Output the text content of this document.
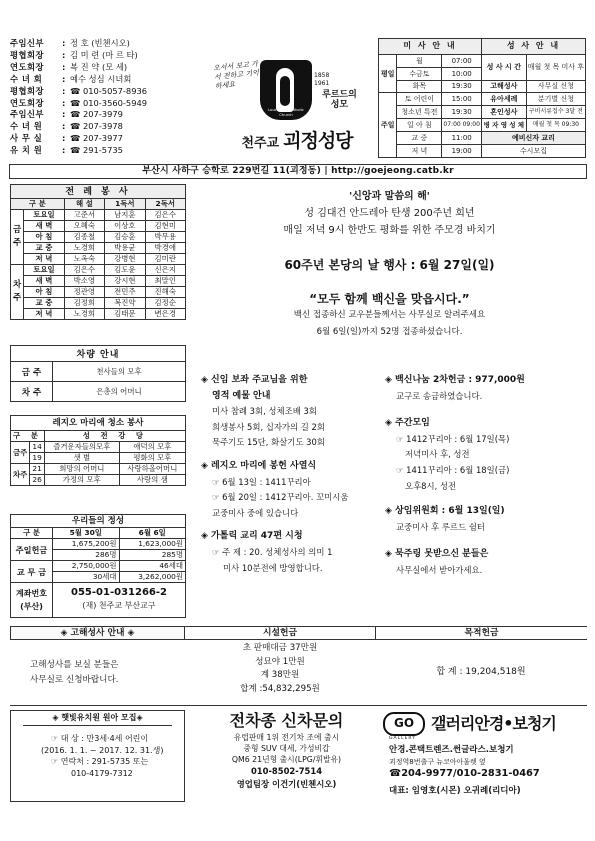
주임신부	: 정 호 (빈첸시오)
평협회장	: 김 미 련 (마 르 타)
연도회장	: 복 진 약 (모 세)
수 녀 회	: 예수 성심 시녀회
평협회장	: ☎ 010-5057-8936
연도회장	: ☎ 010-3560-5949
주임신부	: ☎ 207-3979
수 녀 원	: ☎ 207-3978
사 무 실	: ☎ 207-3977
유 치 원	: ☎ 291-5735
오셔서 보고 가서 전하고 기억하세요
Lourdes & Catholic Church
1858
1961
루르드의
성모
천주교 괴정성당
미 사 안 내			성 사 안 내	
평일	월	07:00	성 사 시 간	매월 첫 목 미사 후
	수금토	10:00		
	화목	19:30	고해성사	사무실 신청
주일	토 어린이	15:00	유아세례	분기별 신청
	청소년 특전	19:30	혼인성사	구비서류접수 3달 전
	일 아 침	07:00 09:00	병 자 영 성 체	매월 첫 목 09:30
	교 중	11:00	예비신자 교리	
	저 녁	19:00	수시모집	
부산시 사하구 승학로 229번길 11(괴정동) | http://goejeong.catb.kr
전 례 봉 사				
구 분		해 설	1독서	2독서
금주	토요일	고준서	남지훈	김은수
	새 벽	오혜숙	이상호	김현미
	아 침	김종철	김승훈	박무용
	교 중	노경희	박용균	박경애
	저 녁	노옥숙	강병현	김미란
차주	토요일	김은수	김도윤	신은지
	새 벽	박소영	강시현	최말인
	아 침	정관영	전민주	진해숙
	교 중	김정희	복진약	김정순
	저 녁	노경희	김태문	변은경
차량 안내	
금 주	천사들의 모후
차 주	은총의 어머니
레지오 마리애 청소 봉사			
구 분		성 전 강 당	
금주	14	즐거운자들의모후	애덕의 모후
	19	샛 별	평화의 모후
차주	21	희망의 어머니	사랑하올어머니
	26	가정의 모후	사랑의 샘
우리들의 정성		
구 분	5월 30일	6월 6일
주일헌금	1,675,200원	1,623,000원
	286명	285명
교 무 금	2,750,000원	46세대
	30세대	3,262,000원
계좌번호
(부산)
055-01-031266-2
(재) 천주교 부산교구
'신앙과 말씀의 해'
성 김대건 안드레아 탄생 200주년 희년
매일 저녁 9시 한반도 평화를 위한 주모경 바치기
60주년 본당의 날 행사 : 6월 27일(일)
“모두 함께 백신을 맞읍시다.”
백신 접종하신 교우분들께서는 사무실로 알려주세요
6월 6일(일)까지 52명 접종하셨습니다.
◈ 신임 보좌 주교님을 위한
영적 예물 안내
미사 참례 3회, 성체조배 3회
희생봉사 5회, 십자가의 길 2회
묵주기도 15단, 화살기도 30회
◈ 레지오 마리에 봉헌 사열식
☞ 6월 13일 : 1411꾸리아
☞ 6월 20일 : 1412꾸리아. 꼬미시움
교중미사 중에 있습니다
◈ 가톨릭 교리 47편 시청
☞ 주 제 : 20. 성체성사의 의미 1
미사 10분전에 방영합니다.
◈ 백신나눔 2차헌금 : 977,000원
교구로 송금하였습니다.
◈ 주간모임
☞ 1412꾸리아 : 6월 17일(목)
저녁미사 후, 성전
☞ 1411꾸리아 : 6월 18일(금)
오후8시, 성전
◈ 상임위원회 : 6월 13일(일)
교중미사 후 루르드 쉼터
◈ 묵주링 못받으신 분들은
사무실에서 받아가세요.
◈ 고해성사 안내 ◈	시설헌금	목적헌금
고해성사를 보실 분들은
사무실로 신청바랍니다.
초 판매대금 37만원
성묘야 1만원
계 38만원
합계 :54,832,295원
합 계 : 19,204,518원
◈ 햇빛유치원 원아 모집◈
☞ 대 상 : 만3세·4세 어린이
(2016. 1. 1. ~ 2017. 12. 31.생)
☞ 연락처 : 291-5735 또는
010-4179-7312
전차종 신차문의
유럽판매 1위 전기차 조에 출시
중형 SUV 대세, 가성비갑
QM6 21년형 출시(LPG/휘발유)
010-8502-7514
영업팀장 이건기(빈첸시오)
GO
GALLERY
갤러리안경•보청기
안경.콘택트렌즈.썬글라스.보청기
괴정역8번출구 뉴코아아울렛 옆
☎204-9977/010-2831-0467
대표: 임영호(시몬) 오귀례(리디아)
